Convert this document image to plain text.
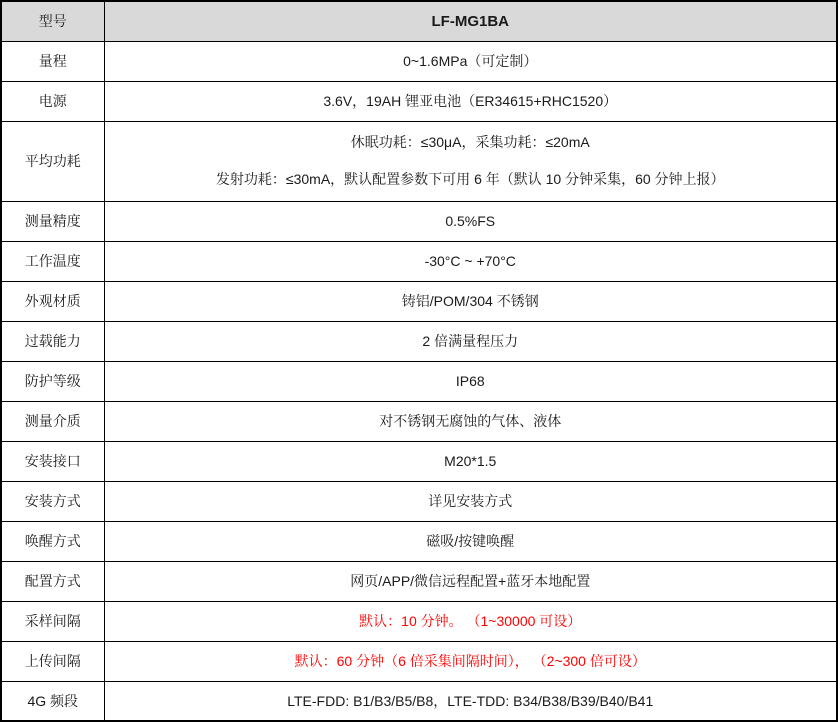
型号	LF-MG1BA
量程	0~1.6MPa（可定制）
电源	3.6V，19AH 锂亚电池（ER34615+RHC1520）
平均功耗	休眠功耗：≤30μA，采集功耗：≤20mA
发射功耗：≤30mA，默认配置参数下可用 6 年（默认 10 分钟采集，60 分钟上报）

测量精度	0.5%FS
工作温度	-30°C ~ +70°C
外观材质	铸铝/POM/304 不锈钢
过载能力	2 倍满量程压力
防护等级	IP68
测量介质	对不锈钢无腐蚀的气体、液体
安装接口	M20*1.5
安装方式	详见安装方式
唤醒方式	磁吸/按键唤醒
配置方式	网页/APP/微信远程配置+蓝牙本地配置
采样间隔	默认：10 分钟。 （1~30000 可设）
上传间隔	默认：60 分钟（6 倍采集间隔时间）， （2~300 倍可设）
4G 频段	LTE-FDD: B1/B3/B5/B8，LTE-TDD: B34/B38/B39/B40/B41
